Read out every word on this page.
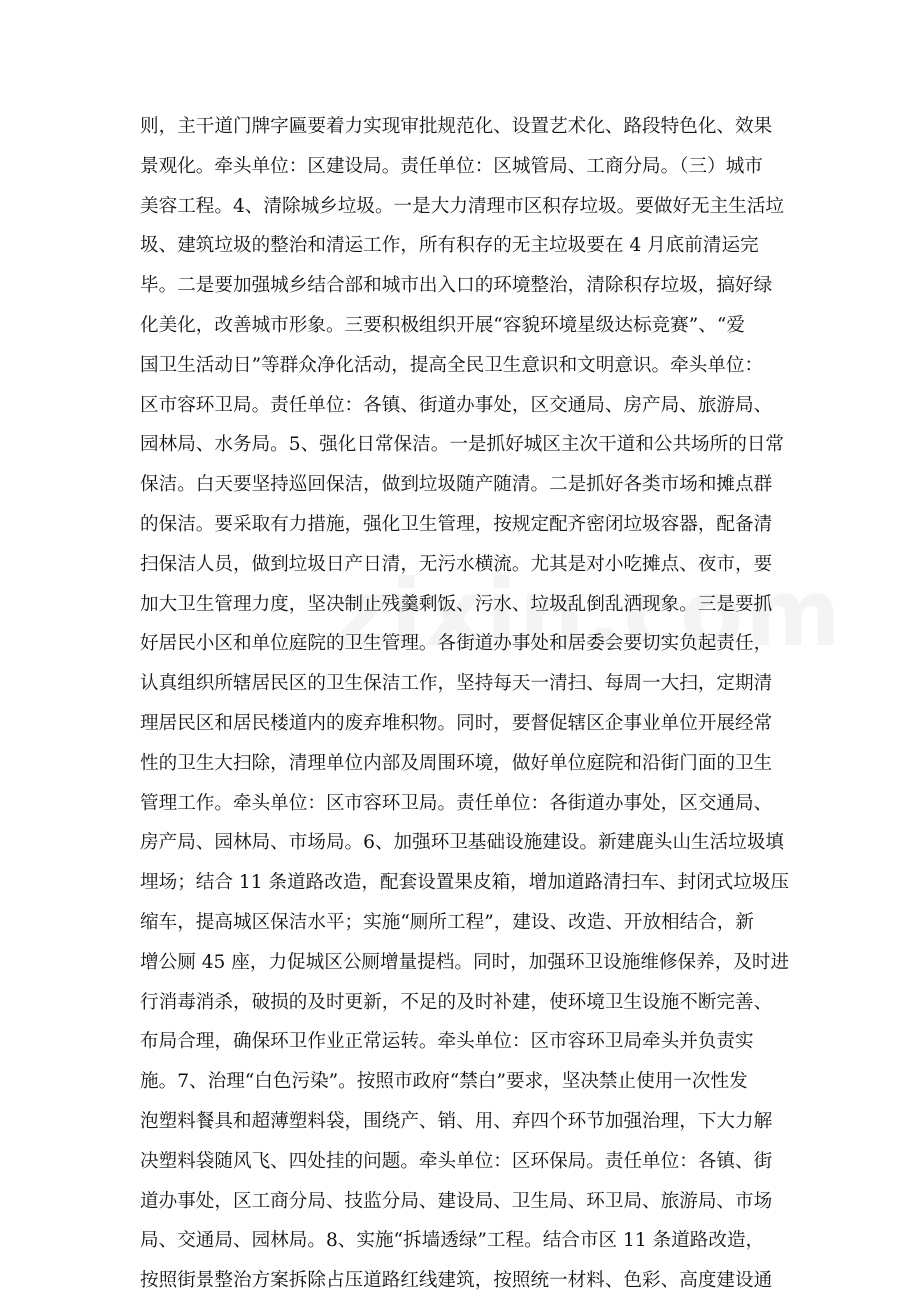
则，主干道门牌字匾要着力实现审批规范化、设置艺术化、路段特色化、效果
景观化。牵头单位：区建设局。责任单位：区城管局、工商分局。（三）城市
美容工程。4、清除城乡垃圾。一是大力清理市区积存垃圾。要做好无主生活垃
圾、建筑垃圾的整治和清运工作，所有积存的无主垃圾要在 4 月底前清运完
毕。二是要加强城乡结合部和城市出入口的环境整治，清除积存垃圾，搞好绿
化美化，改善城市形象。三要积极组织开展“容貌环境星级达标竞赛”、“爱
国卫生活动日”等群众净化活动，提高全民卫生意识和文明意识。牵头单位：
区市容环卫局。责任单位：各镇、街道办事处，区交通局、房产局、旅游局、
园林局、水务局。5、强化日常保洁。一是抓好城区主次干道和公共场所的日常
保洁。白天要坚持巡回保洁，做到垃圾随产随清。二是抓好各类市场和摊点群
的保洁。要采取有力措施，强化卫生管理，按规定配齐密闭垃圾容器，配备清
扫保洁人员，做到垃圾日产日清，无污水横流。尤其是对小吃摊点、夜市，要
加大卫生管理力度，坚决制止残羹剩饭、污水、垃圾乱倒乱洒现象。三是要抓
好居民小区和单位庭院的卫生管理。各街道办事处和居委会要切实负起责任，
认真组织所辖居民区的卫生保洁工作，坚持每天一清扫、每周一大扫，定期清
理居民区和居民楼道内的废弃堆积物。同时，要督促辖区企事业单位开展经常
性的卫生大扫除，清理单位内部及周围环境，做好单位庭院和沿街门面的卫生
管理工作。牵头单位：区市容环卫局。责任单位：各街道办事处，区交通局、
房产局、园林局、市场局。6、加强环卫基础设施建设。新建鹿头山生活垃圾填
埋场；结合 11 条道路改造，配套设置果皮箱，增加道路清扫车、封闭式垃圾压
缩车，提高城区保洁水平；实施“厕所工程”，建设、改造、开放相结合，新
增公厕 45 座，力促城区公厕增量提档。同时，加强环卫设施维修保养，及时进
行消毒消杀，破损的及时更新，不足的及时补建，使环境卫生设施不断完善、
布局合理，确保环卫作业正常运转。牵头单位：区市容环卫局牵头并负责实
施。7、治理“白色污染”。按照市政府“禁白”要求，坚决禁止使用一次性发
泡塑料餐具和超薄塑料袋，围绕产、销、用、弃四个环节加强治理，下大力解
决塑料袋随风飞、四处挂的问题。牵头单位：区环保局。责任单位：各镇、街
道办事处，区工商分局、技监分局、建设局、卫生局、环卫局、旅游局、市场
局、交通局、园林局。8、实施“拆墙透绿”工程。结合市区 11 条道路改造，
按照街景整治方案拆除占压道路红线建筑，按照统一材料、色彩、高度建设通
